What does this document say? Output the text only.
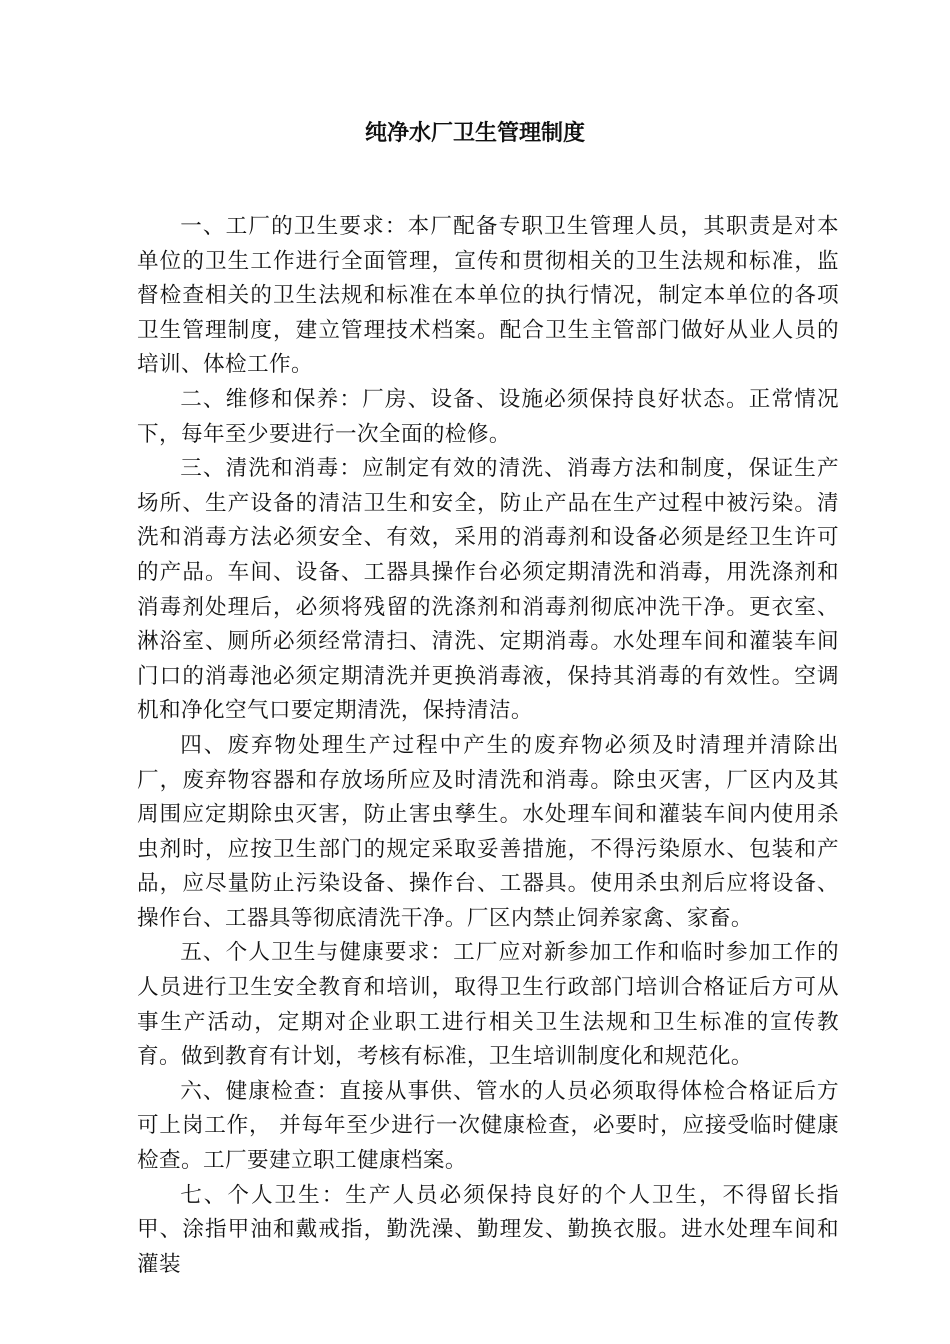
纯净水厂卫生管理制度

一、工厂的卫生要求：本厂配备专职卫生管理人员，其职责是对本单位的卫生工作进行全面管理，宣传和贯彻相关的卫生法规和标准，监督检查相关的卫生法规和标准在本单位的执行情况，制定本单位的各项卫生管理制度，建立管理技术档案。配合卫生主管部门做好从业人员的培训、体检工作。

二、维修和保养：厂房、设备、设施必须保持良好状态。正常情况下，每年至少要进行一次全面的检修。

三、清洗和消毒：应制定有效的清洗、消毒方法和制度，保证生产场所、生产设备的清洁卫生和安全，防止产品在生产过程中被污染。清洗和消毒方法必须安全、有效，采用的消毒剂和设备必须是经卫生许可的产品。车间、设备、工器具操作台必须定期清洗和消毒，用洗涤剂和消毒剂处理后，必须将残留的洗涤剂和消毒剂彻底冲洗干净。更衣室、淋浴室、厕所必须经常清扫、清洗、定期消毒。水处理车间和灌装车间门口的消毒池必须定期清洗并更换消毒液，保持其消毒的有效性。空调机和净化空气口要定期清洗，保持清洁。

四、废弃物处理生产过程中产生的废弃物必须及时清理并清除出厂，废弃物容器和存放场所应及时清洗和消毒。除虫灭害，厂区内及其周围应定期除虫灭害，防止害虫孳生。水处理车间和灌装车间内使用杀虫剂时，应按卫生部门的规定采取妥善措施，不得污染原水、包装和产品，应尽量防止污染设备、操作台、工器具。使用杀虫剂后应将设备、操作台、工器具等彻底清洗干净。厂区内禁止饲养家禽、家畜。

五、个人卫生与健康要求：工厂应对新参加工作和临时参加工作的人员进行卫生安全教育和培训，取得卫生行政部门培训合格证后方可从事生产活动，定期对企业职工进行相关卫生法规和卫生标准的宣传教育。做到教育有计划，考核有标准，卫生培训制度化和规范化。

六、健康检查：直接从事供、管水的人员必须取得体检合格证后方可上岗工作， 并每年至少进行一次健康检查，必要时，应接受临时健康检查。工厂要建立职工健康档案。

七、个人卫生：生产人员必须保持良好的个人卫生，不得留长指甲、涂指甲油和戴戒指，勤洗澡、勤理发、勤换衣服。进水处理车间和灌装
